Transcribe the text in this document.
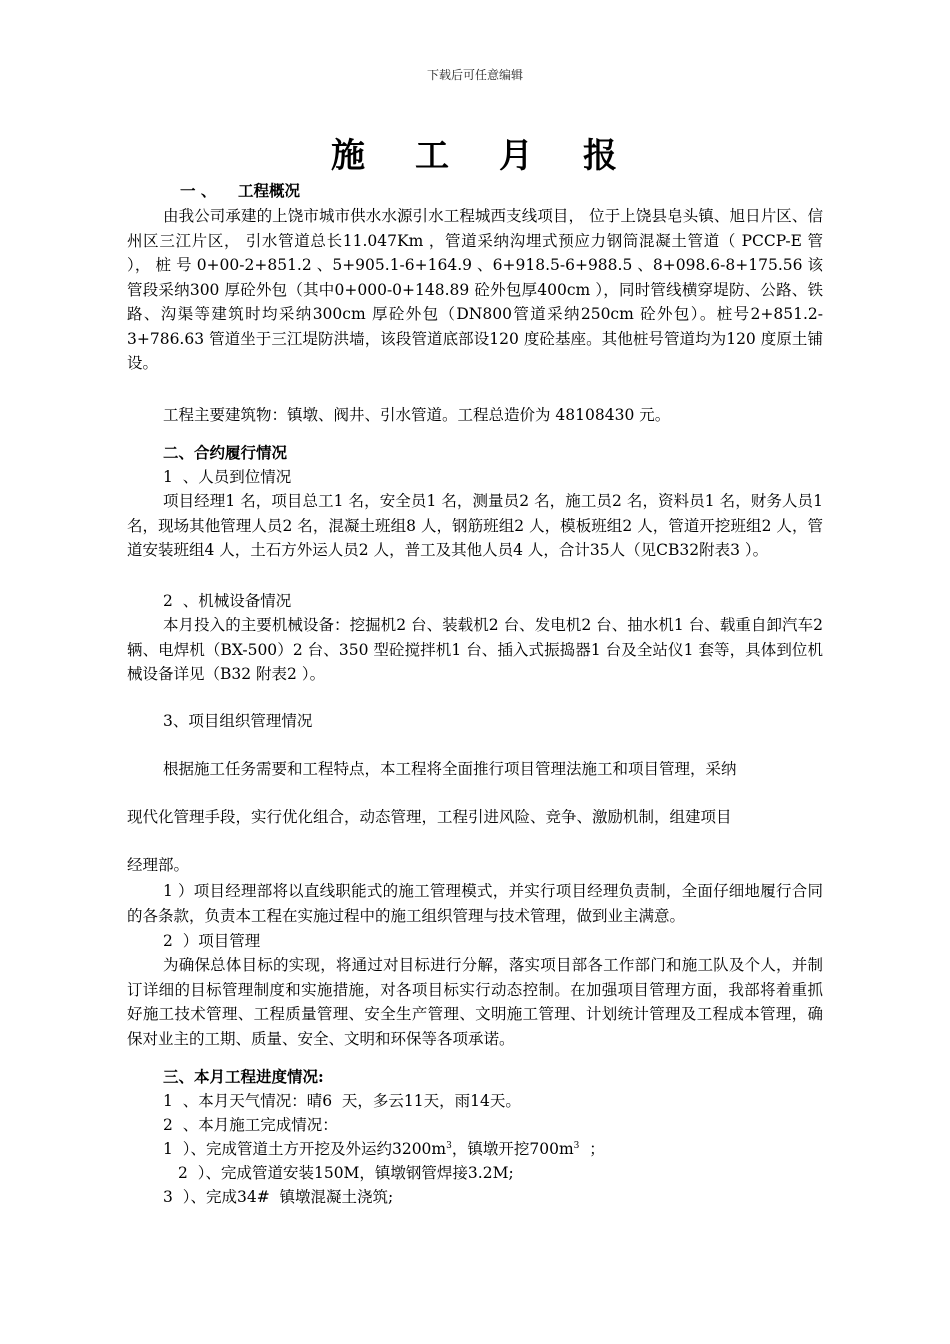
下载后可任意编辑
施 工 月 报
一 、    工程概况
由我公司承建的上饶市城市供水水源引水工程城西支线项目， 位于上饶县皂头镇、旭日片区、信州区三江片区， 引水管道总长11.047Km ，管道采纳沟埋式预应力钢筒混凝土管道（ PCCP-E 管 ）， 桩 号 0+00-2+851.2 、5+905.1-6+164.9 、6+918.5-6+988.5 、8+098.6-8+175.56 该管段采纳300 厚砼外包（其中0+000-0+148.89 砼外包厚400cm ），同时管线横穿堤防、公路、铁路、沟渠等建筑时均采纳300cm 厚砼外包（DN800管道采纳250cm 砼外包）。桩号2+851.2-3+786.63 管道坐于三江堤防洪墙，该段管道底部设120 度砼基座。其他桩号管道均为120 度原土铺设。
工程主要建筑物：镇墩、阀井、引水管道。工程总造价为 48108430 元。
二、合约履行情况
1  、人员到位情况
项目经理1 名，项目总工1 名，安全员1 名，测量员2 名，施工员2 名，资料员1 名，财务人员1 名，现场其他管理人员2 名，混凝土班组8 人，钢筋班组2 人，模板班组2 人，管道开挖班组2 人，管道安装班组4 人，土石方外运人员2 人，普工及其他人员4 人，合计35人（见CB32附表3 ）。
2  、机械设备情况
本月投入的主要机械设备：挖掘机2 台、装载机2 台、发电机2 台、抽水机1 台、载重自卸汽车2 辆、电焊机（BX-500）2 台、350 型砼搅拌机1 台、插入式振捣器1 台及全站仪1 套等，具体到位机械设备详见（B32 附表2 ）。
3、项目组织管理情况
根据施工任务需要和工程特点，本工程将全面推行项目管理法施工和项目管理，采纳
现代化管理手段，实行优化组合，动态管理，工程引进风险、竞争、激励机制，组建项目
经理部。
1 ）项目经理部将以直线职能式的施工管理模式，并实行项目经理负责制，全面仔细地履行合同的各条款，负责本工程在实施过程中的施工组织管理与技术管理，做到业主满意。
2  ）项目管理
为确保总体目标的实现，将通过对目标进行分解，落实项目部各工作部门和施工队及个人，并制订详细的目标管理制度和实施措施，对各项目标实行动态控制。在加强项目管理方面，我部将着重抓好施工技术管理、工程质量管理、安全生产管理、文明施工管理、计划统计管理及工程成本管理，确保对业主的工期、质量、安全、文明和环保等各项承诺。
三、本月工程进度情况:
1  、本月天气情况：晴6  天，多云11天，雨14天。
2  、本月施工完成情况：
1  ）、完成管道土方开挖及外运约$3200m^3$，镇墩开挖$700m^3$  ；
2  ）、完成管道安装150M，镇墩钢管焊接3.2M;
3  ）、完成34#  镇墩混凝土浇筑;
